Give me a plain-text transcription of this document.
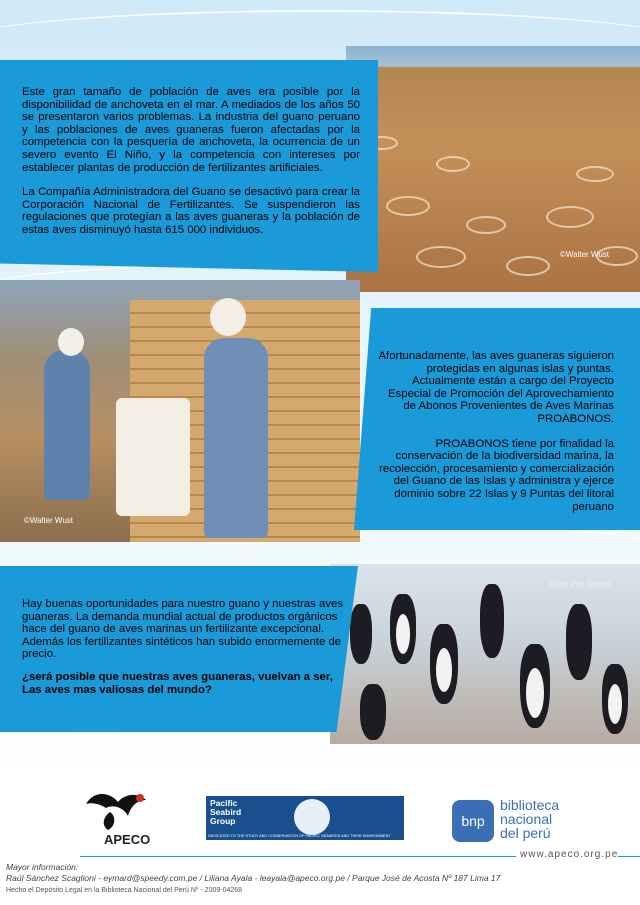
Este gran tamaño de población de aves era posible por la disponibilidad de anchoveta en el mar. A mediados de los años 50 se presentaron varios problemas. La industria del guano peruano y las poblaciones de aves guaneras fueron afectadas por la competencia con la pesquería de anchoveta, la ocurrencia de un severo evento El Niño, y la competencia con intereses por establecer plantas de producción de fertilizantes artificiales.

La Compañía Administradora del Guano se desactivó para crear la Corporación Nacional de Fertilizantes. Se suspendieron las regulaciones que protegían a las aves guaneras y la población de estas aves disminuyó hasta 615 000 individuos.

©Walter Wust

Afortunadamente, las aves guaneras siguieron protegidas en algunas islas y puntas. Actualmente están a cargo del Proyecto Especial de Promoción del Aprovechamiento de Abonos Provenientes de Aves Marinas PROABONOS.

PROABONOS tiene por finalidad la conservación de la biodiversidad marina, la recolección, procesamiento y comercialización del Guano de las Islas y administra y ejerce dominio sobre 22 Islas y 9 Puntas del litoral peruano

©Walter Wust

Hay buenas oportunidades para nuestro guano y nuestras aves guaneras. La demanda mundial actual de productos orgánicos hace del guano de aves marinas un fertilizante excepcional. Además los fertilizantes sintéticos han subido enormemente de precio.

¿será posible que nuestras aves guaneras, vuelvan a ser, Las aves mas valiosas del mundo?

©Luis Paz Soldán
APECO
Pacific Seabird Group
DEDICATED TO THE STUDY AND CONSERVATION OF PACIFIC SEABIRDS AND THEIR ENVIRONMENT
bnp
biblioteca
nacional
del perú
www.apeco.org.pe
Mayor información:
Raúl Sánchez Scaglioni - eymard@speedy.com.pe / Liliana Ayala - leayala@apeco.org.pe / Parque José de Acosta Nº 187 Lima 17
Hecho el Depósito Legal en la Biblioteca Nacional del Perú Nº - 2009-04268
